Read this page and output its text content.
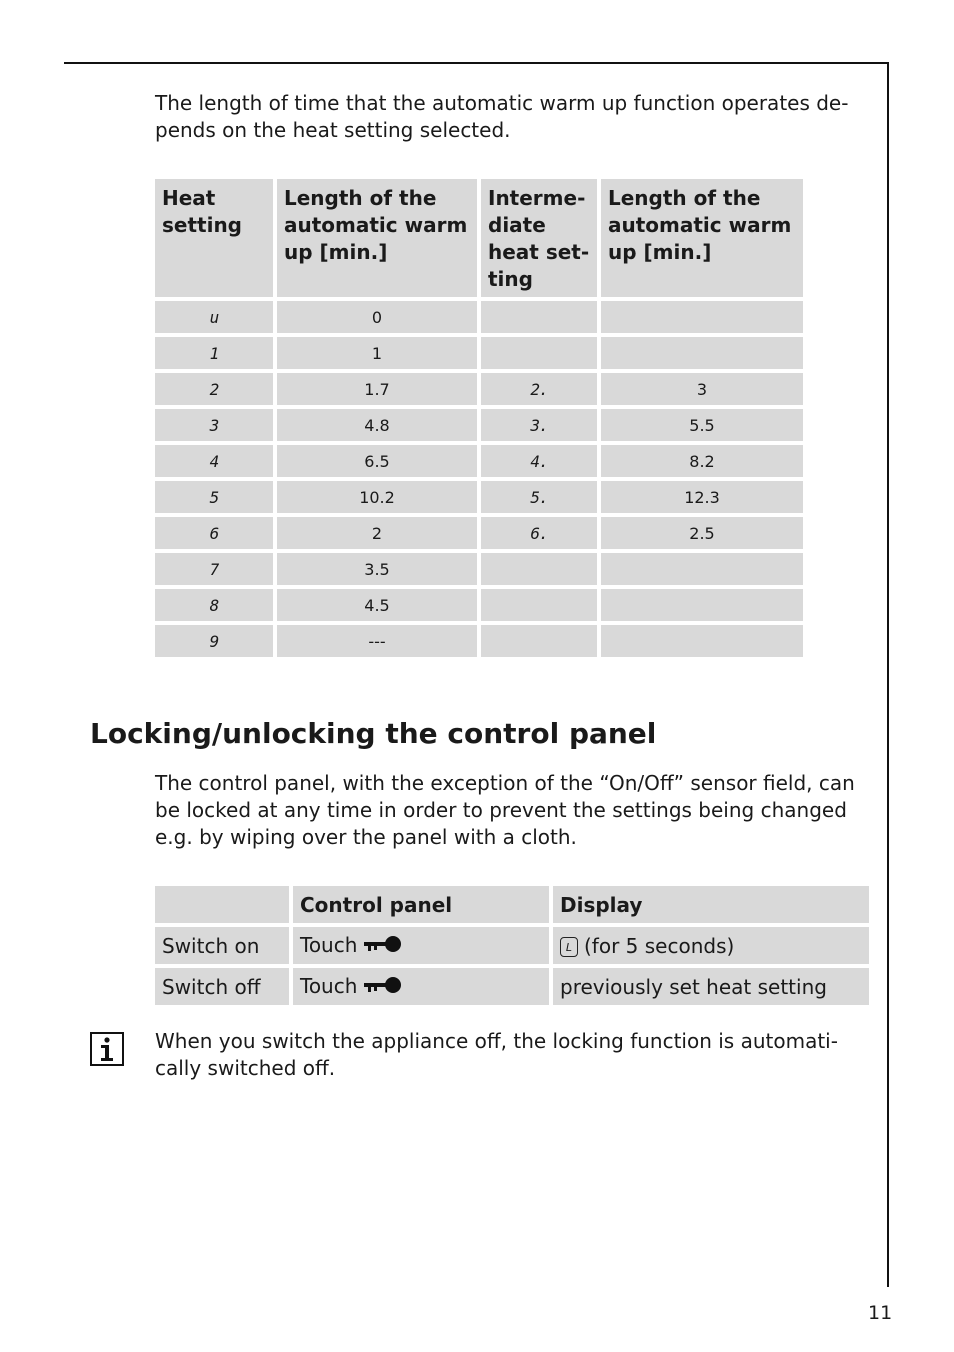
The length of time that the automatic warm up function operates de-pends on the heat setting selected.

Heat setting	Length of the automatic warm up [min.]	Interme-diate heat set-ting	Length of the automatic warm up [min.]
u	0		
1	1		
2	1.7	2.	3
3	4.8	3.	5.5
4	6.5	4.	8.2
5	10.2	5.	12.3
6	2	6.	2.5
7	3.5		
8	4.5		
9	---		
Locking/unlocking the control panel

The control panel, with the exception of the “On/Off” sensor field, can be locked at any time in order to prevent the settings being changed e.g. by wiping over the panel with a cloth.

	Control panel	Display
Switch on	Touch	L (for 5 seconds)
Switch off	Touch	previously set heat setting

When you switch the appliance off, the locking function is automati-cally switched off.

11
